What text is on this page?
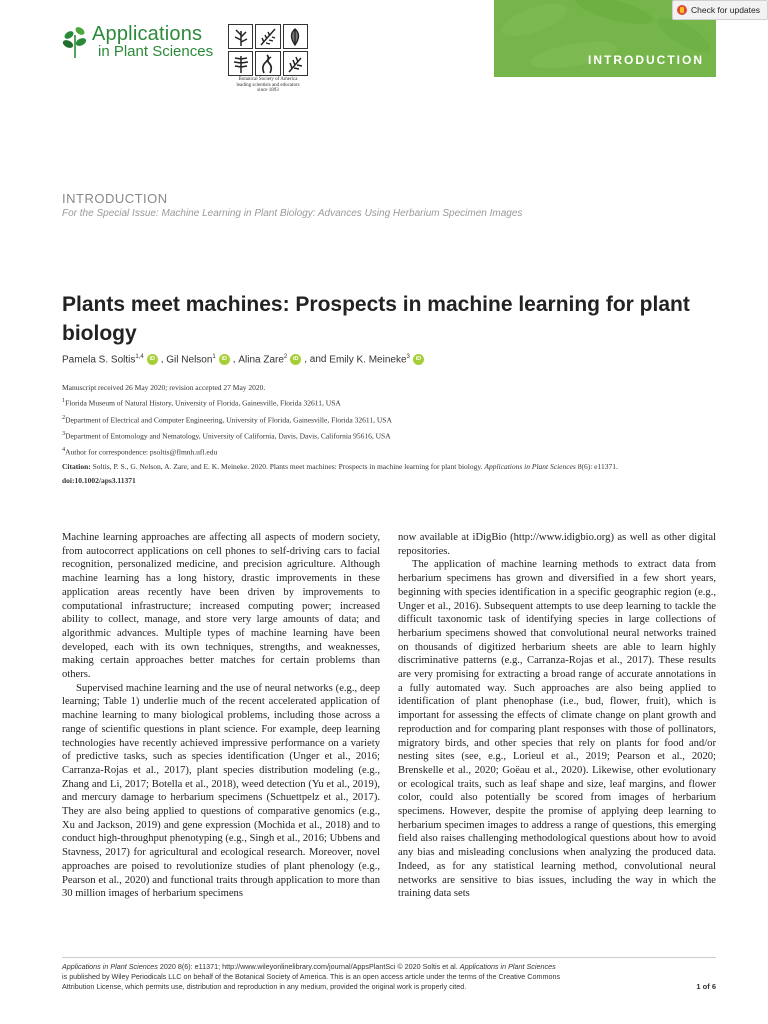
Applications
in Plant Sciences
Botanical Society of America
leading scientists and educators
since 1893
INTRODUCTION
Check for updates
INTRODUCTION
For the Special Issue: Machine Learning in Plant Biology: Advances Using Herbarium Specimen Images
Plants meet machines: Prospects in machine learning for plant biology
Pamela S. Soltis$^{1,4}$	iD , Gil Nelson$^1$	iD , Alina Zare$^2$	iD , and Emily K. Meineke$^3$	iD
Manuscript received 26 May 2020; revision accepted 27 May 2020.
$^1$Florida Museum of Natural History, University of Florida, Gainesville, Florida 32611, USA
$^2$Department of Electrical and Computer Engineering, University of Florida, Gainesville, Florida 32611, USA
$^3$Department of Entomology and Nematology, University of California, Davis, Davis, California 95616, USA
$^4$Author for correspondence: psoltis@flmnh.ufl.edu
Citation: Soltis, P. S., G. Nelson, A. Zare, and E. K. Meineke. 2020. Plants meet machines: Prospects in machine learning for plant biology. Applications in Plant Sciences 8(6): e11371.
doi:10.1002/aps3.11371

Machine learning approaches are affecting all aspects of modern society, from autocorrect applications on cell phones to self-driving cars to facial recognition, personalized medicine, and precision agriculture. Although machine learning has a long history, drastic improvements in these application areas recently have been driven by improvements to computational infrastructure; increased computing power; increased ability to collect, manage, and store very large amounts of data; and algorithmic advances. Multiple types of machine learning have been developed, each with its own techniques, strengths, and weaknesses, making certain approaches better matches for certain problems than others.

Supervised machine learning and the use of neural networks (e.g., deep learning; Table 1) underlie much of the recent accelerated application of machine learning to many biological problems, including those across a range of scientific questions in plant science. For example, deep learning technologies have recently achieved impressive performance on a variety of predictive tasks, such as species identification (Unger et al., 2016; Carranza-Rojas et al., 2017), plant species distribution modeling (e.g., Zhang and Li, 2017; Botella et al., 2018), weed detection (Yu et al., 2019), and mercury damage to herbarium specimens (Schuettpelz et al., 2017). They are also being applied to questions of comparative genomics (e.g., Xu and Jackson, 2019) and gene expression (Mochida et al., 2018) and to conduct high-throughput phenotyping (e.g., Singh et al., 2016; Ubbens and Stavness, 2017) for agricultural and ecological research. Moreover, novel approaches are poised to revolutionize studies of plant phenology (e.g., Pearson et al., 2020) and functional traits through application to more than 30 million images of herbarium specimens

now available at iDigBio (http://www.idigbio.org) as well as other digital repositories.

The application of machine learning methods to extract data from herbarium specimens has grown and diversified in a few short years, beginning with species identification in a specific geographic region (e.g., Unger et al., 2016). Subsequent attempts to use deep learning to tackle the difficult taxonomic task of identifying species in large collections of herbarium specimens showed that convolutional neural networks trained on thousands of digitized herbarium sheets are able to learn highly discriminative patterns (e.g., Carranza-Rojas et al., 2017). These results are very promising for extracting a broad range of accurate annotations in a fully automated way. Such approaches are also being applied to identification of plant phenophase (i.e., bud, flower, fruit), which is important for assessing the effects of climate change on plant growth and reproduction and for comparing plant responses with those of pollinators, migratory birds, and other species that rely on plants for food and/or nesting sites (see, e.g., Lorieul et al., 2019; Pearson et al., 2020; Brenskelle et al., 2020; Goëau et al., 2020). Likewise, other evolutionary or ecological traits, such as leaf shape and size, leaf margins, and flower color, could also potentially be scored from images of herbarium specimens. However, despite the promise of applying deep learning to herbarium specimen images to address a range of questions, this emerging field also raises challenging methodological questions about how to avoid any bias and misleading conclusions when analyzing the produced data. Indeed, as for any statistical learning method, convolutional neural networks are sensitive to bias issues, including the way in which the training data sets

Applications in Plant Sciences 2020 8(6): e11371; http://www.wileyonlinelibrary.com/journal/AppsPlantSci © 2020 Soltis et al. Applications in Plant Sciences
is published by Wiley Periodicals LLC on behalf of the Botanical Society of America. This is an open access article under the terms of the Creative Commons
Attribution License, which permits use, distribution and reproduction in any medium, provided the original work is properly cited.	1 of 6
